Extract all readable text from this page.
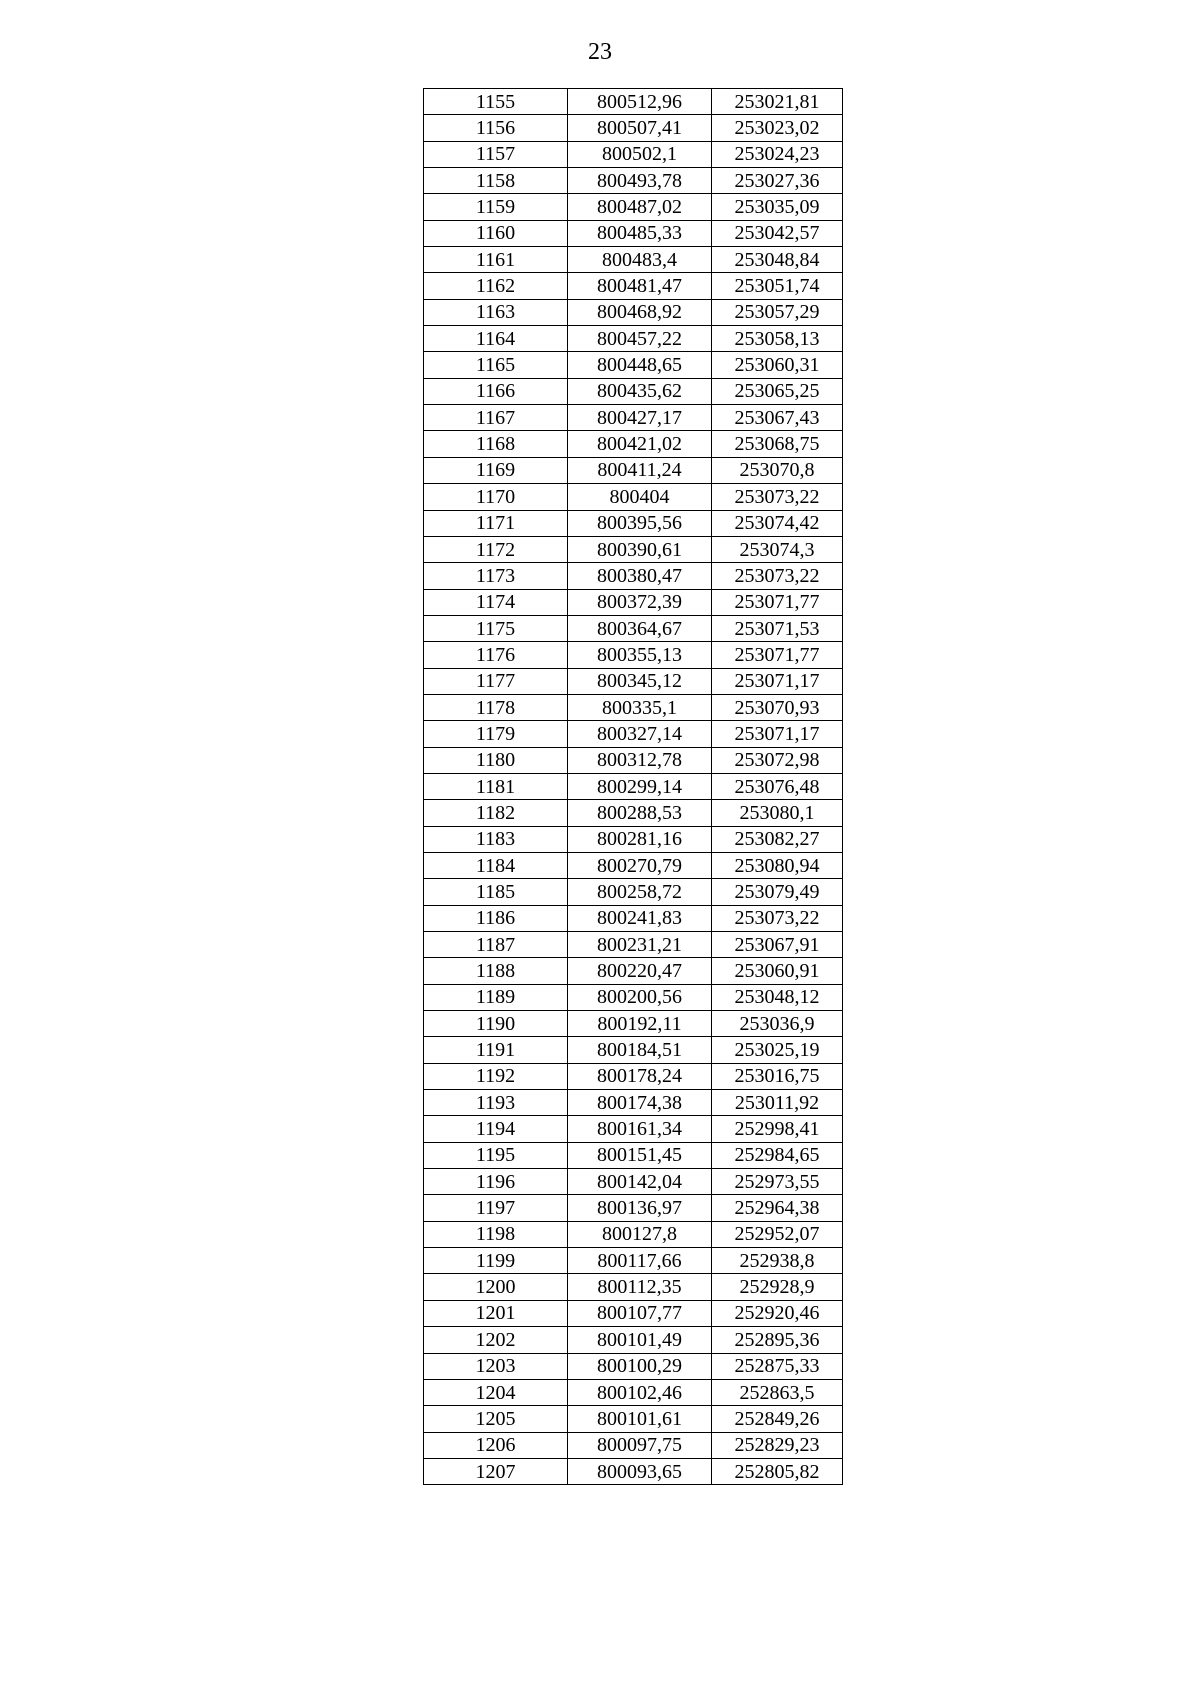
23
1155	800512,96	253021,81
1156	800507,41	253023,02
1157	800502,1	253024,23
1158	800493,78	253027,36
1159	800487,02	253035,09
1160	800485,33	253042,57
1161	800483,4	253048,84
1162	800481,47	253051,74
1163	800468,92	253057,29
1164	800457,22	253058,13
1165	800448,65	253060,31
1166	800435,62	253065,25
1167	800427,17	253067,43
1168	800421,02	253068,75
1169	800411,24	253070,8
1170	800404	253073,22
1171	800395,56	253074,42
1172	800390,61	253074,3
1173	800380,47	253073,22
1174	800372,39	253071,77
1175	800364,67	253071,53
1176	800355,13	253071,77
1177	800345,12	253071,17
1178	800335,1	253070,93
1179	800327,14	253071,17
1180	800312,78	253072,98
1181	800299,14	253076,48
1182	800288,53	253080,1
1183	800281,16	253082,27
1184	800270,79	253080,94
1185	800258,72	253079,49
1186	800241,83	253073,22
1187	800231,21	253067,91
1188	800220,47	253060,91
1189	800200,56	253048,12
1190	800192,11	253036,9
1191	800184,51	253025,19
1192	800178,24	253016,75
1193	800174,38	253011,92
1194	800161,34	252998,41
1195	800151,45	252984,65
1196	800142,04	252973,55
1197	800136,97	252964,38
1198	800127,8	252952,07
1199	800117,66	252938,8
1200	800112,35	252928,9
1201	800107,77	252920,46
1202	800101,49	252895,36
1203	800100,29	252875,33
1204	800102,46	252863,5
1205	800101,61	252849,26
1206	800097,75	252829,23
1207	800093,65	252805,82
